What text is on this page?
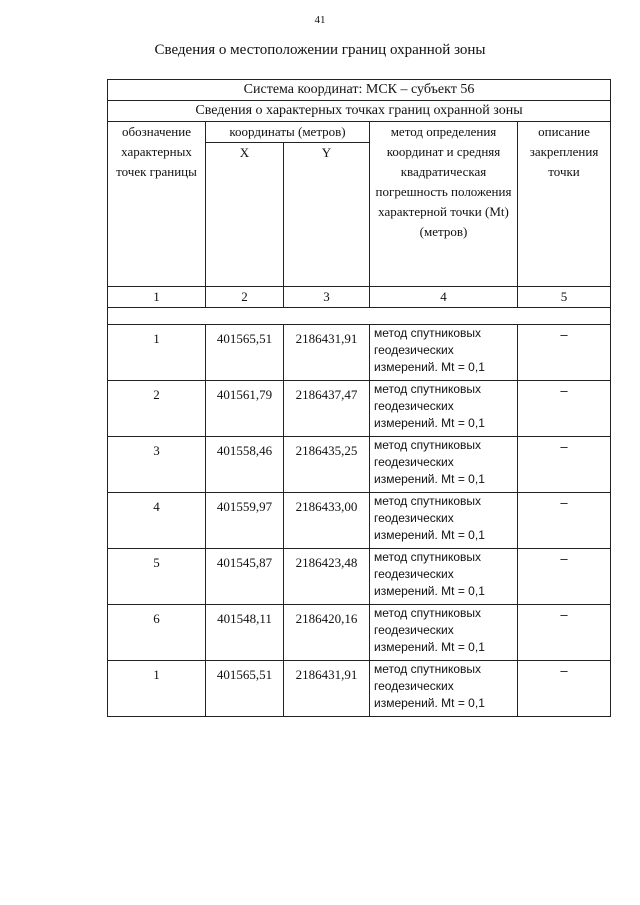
41
Сведения о местоположении границ охранной зоны
Система координат: МСК – субъект 56				
Сведения о характерных точках границ охранной зоны				
обозначение характерных точек границы	координаты (метров)		метод определения координат и средняя квадратическая погрешность положения характерной точки (Mt) (метров)	описание закрепления точки
	X	Y		
1	2	3	4	5

1	401565,51	2186431,91	метод спутниковых геодезических измерений. Mt = 0,1	–
2	401561,79	2186437,47	метод спутниковых геодезических измерений. Mt = 0,1	–
3	401558,46	2186435,25	метод спутниковых геодезических измерений. Mt = 0,1	–
4	401559,97	2186433,00	метод спутниковых геодезических измерений. Mt = 0,1	–
5	401545,87	2186423,48	метод спутниковых геодезических измерений. Mt = 0,1	–
6	401548,11	2186420,16	метод спутниковых геодезических измерений. Mt = 0,1	–
1	401565,51	2186431,91	метод спутниковых геодезических измерений. Mt = 0,1	–
